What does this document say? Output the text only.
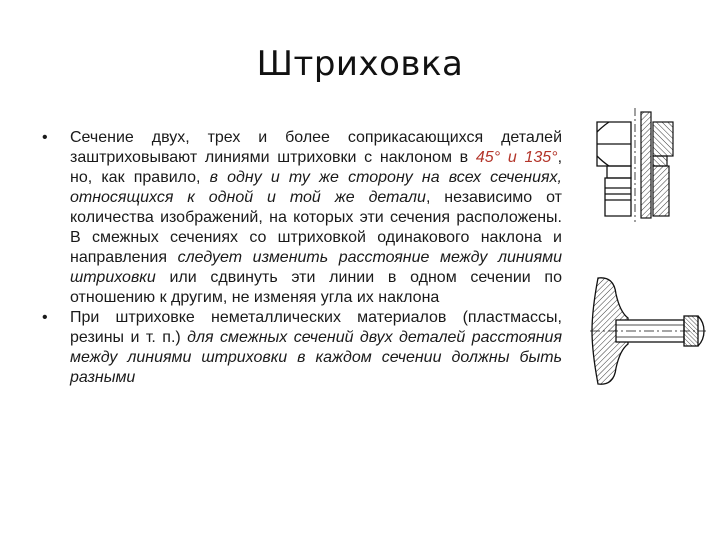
Штриховка

• Сечение двух, трех и более соприкасающихся деталей заштриховывают линиями штриховки с наклоном в 45° и 135°, но, как правило, в одну и ту же сторону на всех сечениях, относящихся к одной и той же детали, независимо от количества изображений, на которых эти сечения расположены. В смежных сечениях со штриховкой одинакового наклона и направления следует изменить расстояние между линиями штриховки или сдвинуть эти линии в одном сечении по отношению к другим, не изменяя угла их наклона

• При штриховке неметаллических материалов (пластмассы, резины и т. п.) для смежных сечений двух деталей расстояния между линиями штриховки в каждом сечении должны быть разными
